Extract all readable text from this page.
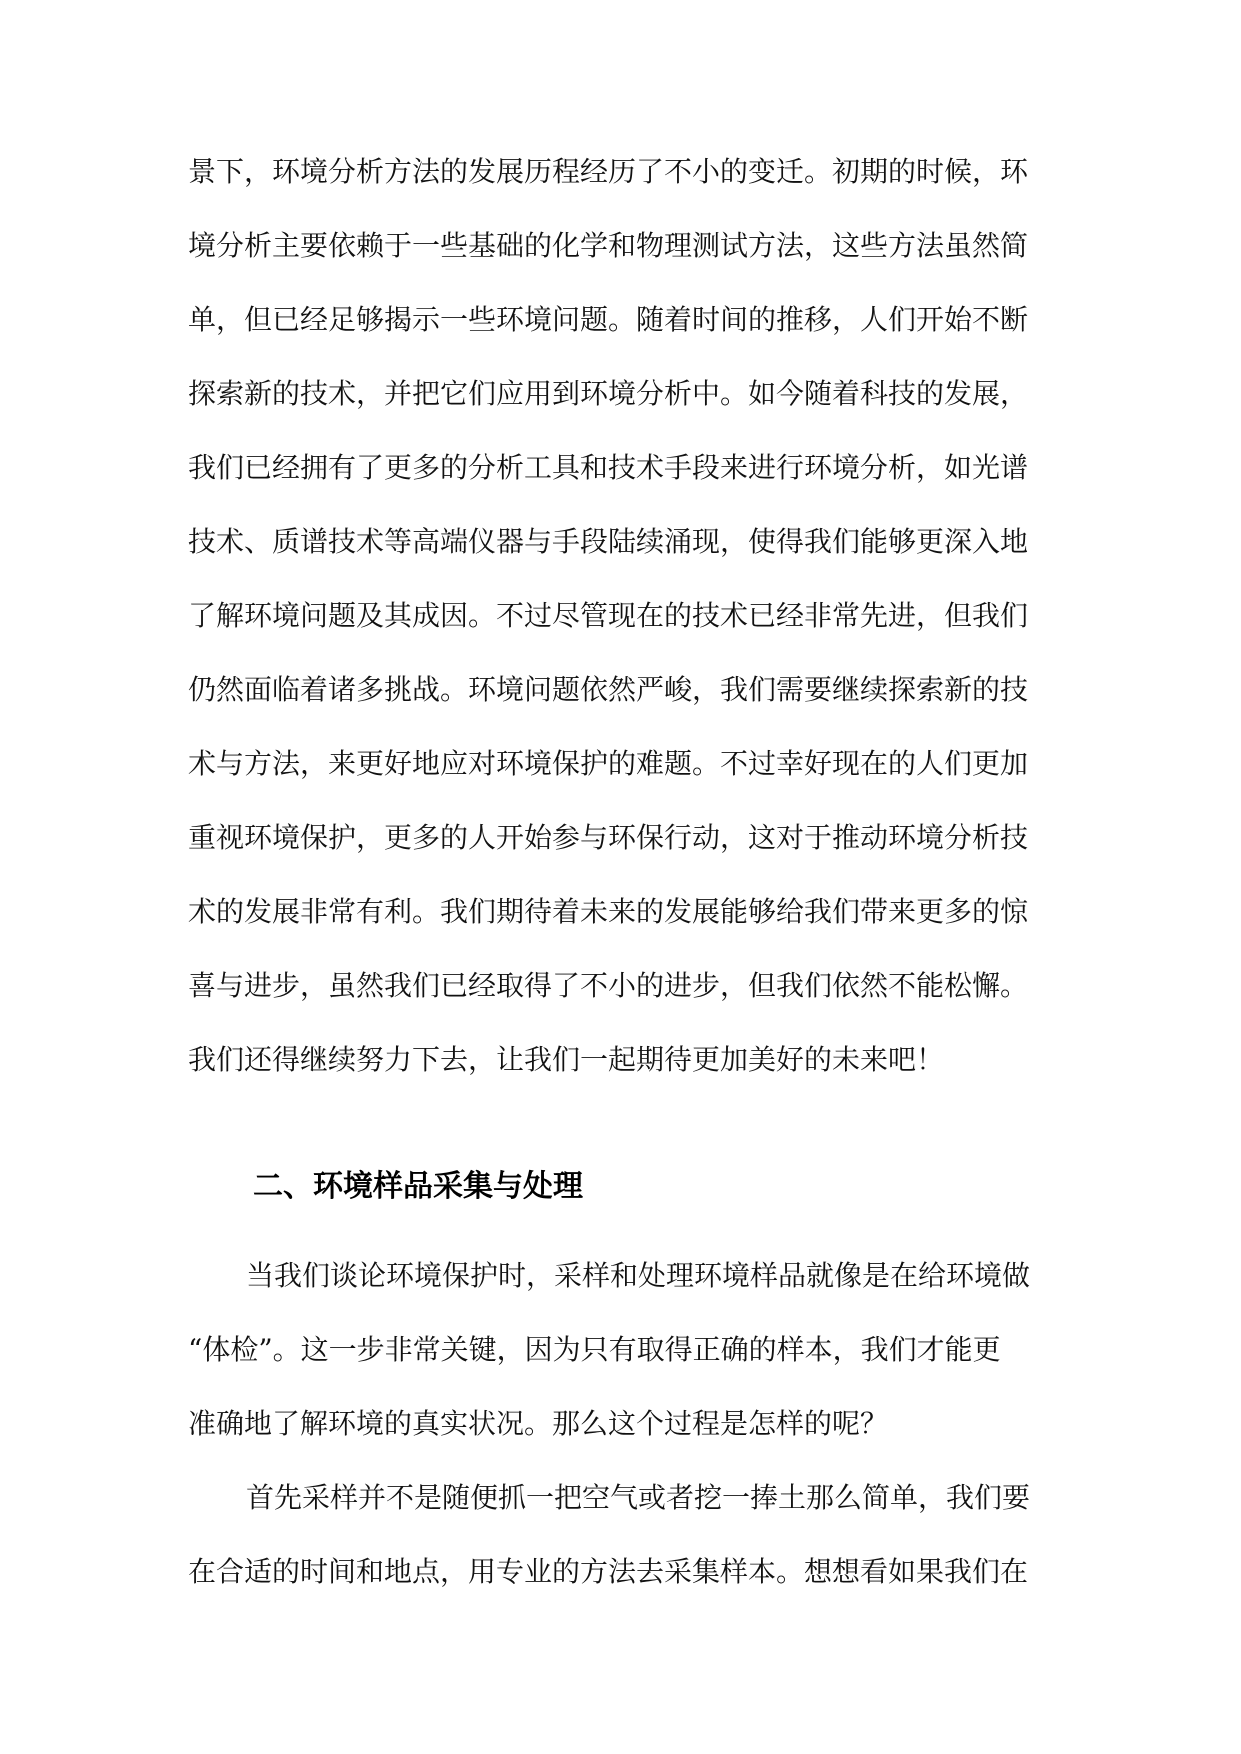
景下，环境分析方法的发展历程经历了不小的变迁。初期的时候，环
境分析主要依赖于一些基础的化学和物理测试方法，这些方法虽然简
单，但已经足够揭示一些环境问题。随着时间的推移，人们开始不断
探索新的技术，并把它们应用到环境分析中。如今随着科技的发展，
我们已经拥有了更多的分析工具和技术手段来进行环境分析，如光谱
技术、质谱技术等高端仪器与手段陆续涌现，使得我们能够更深入地
了解环境问题及其成因。不过尽管现在的技术已经非常先进，但我们
仍然面临着诸多挑战。环境问题依然严峻，我们需要继续探索新的技
术与方法，来更好地应对环境保护的难题。不过幸好现在的人们更加
重视环境保护，更多的人开始参与环保行动，这对于推动环境分析技
术的发展非常有利。我们期待着未来的发展能够给我们带来更多的惊
喜与进步，虽然我们已经取得了不小的进步，但我们依然不能松懈。
我们还得继续努力下去，让我们一起期待更加美好的未来吧！
二、环境样品采集与处理
当我们谈论环境保护时，采样和处理环境样品就像是在给环境做
“体检”。这一步非常关键，因为只有取得正确的样本，我们才能更
准确地了解环境的真实状况。那么这个过程是怎样的呢？
首先采样并不是随便抓一把空气或者挖一捧土那么简单，我们要
在合适的时间和地点，用专业的方法去采集样本。想想看如果我们在
